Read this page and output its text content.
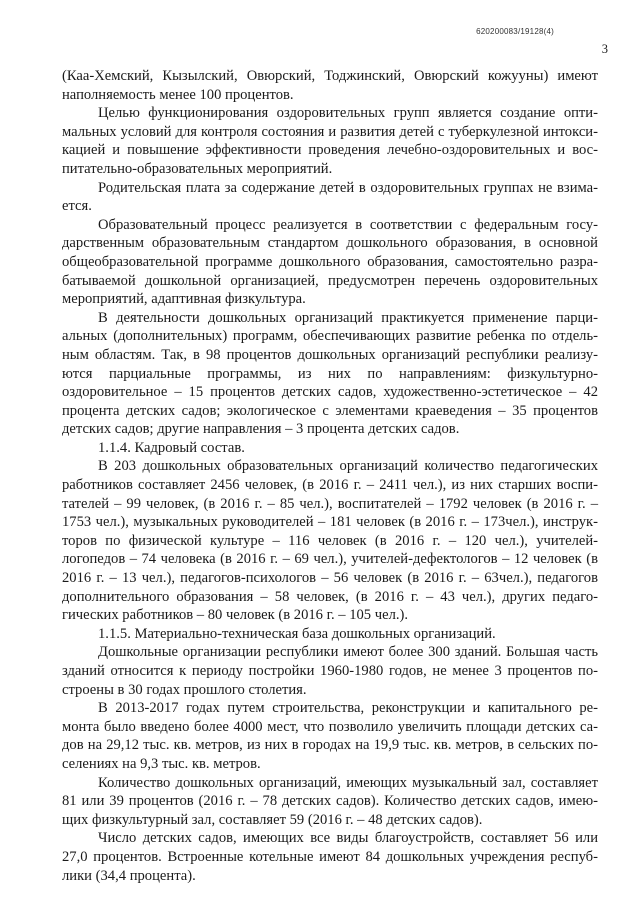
620200083/19128(4)
3

(Каа-Хемский, Кызылский, Овюрский, Тоджинский, Овюрский кожууны) имеют наполняемость менее 100 процентов.

Целью функционирования оздоровительных групп является создание оптимальных условий для контроля состояния и развития детей с туберкулезной интоксикацией и повышение эффективности проведения лечебно-оздоровительных и воспитательно-образовательных мероприятий.

Родительская плата за содержание детей в оздоровительных группах не взимается.

Образовательный процесс реализуется в соответствии с федеральным государственным образовательным стандартом дошкольного образования, в основной общеобразовательной программе дошкольного образования, самостоятельно разрабатываемой дошкольной организацией, предусмотрен перечень оздоровительных мероприятий, адаптивная физкультура.

В деятельности дошкольных организаций практикуется применение парциальных (дополнительных) программ, обеспечивающих развитие ребенка по отдельным областям. Так, в 98 процентов дошкольных организаций республики реализуются парциальные программы, из них по направлениям: физкультурно-оздоровительное – 15 процентов детских садов, художественно-эстетическое – 42 процента детских садов; экологическое с элементами краеведения – 35 процентов детских садов; другие направления – 3 процента детских садов.

1.1.4. Кадровый состав.

В 203 дошкольных образовательных организаций количество педагогических работников составляет 2456 человек, (в 2016 г. – 2411 чел.), из них старших воспитателей – 99 человек, (в 2016 г. – 85 чел.), воспитателей – 1792 человек (в 2016 г. – 1753 чел.), музыкальных руководителей – 181 человек (в 2016 г. – 173чел.), инструкторов по физической культуре – 116 человек (в 2016 г. – 120 чел.), учителей-логопедов – 74 человека (в 2016 г. – 69 чел.), учителей-дефектологов – 12 человек (в 2016 г. – 13 чел.), педагогов-психологов – 56 человек (в 2016 г. – 63чел.), педагогов дополнительного образования – 58 человек, (в 2016 г. – 43 чел.), других педагогических работников – 80 человек (в 2016 г. – 105 чел.).

1.1.5. Материально-техническая база дошкольных организаций.

Дошкольные организации республики имеют более 300 зданий. Большая часть зданий относится к периоду постройки 1960-1980 годов, не менее 3 процентов построены в 30 годах прошлого столетия.

В 2013-2017 годах путем строительства, реконструкции и капитального ремонта было введено более 4000 мест, что позволило увеличить площади детских садов на 29,12 тыс. кв. метров, из них в городах на 19,9 тыс. кв. метров, в сельских поселениях на 9,3 тыс. кв. метров.

Количество дошкольных организаций, имеющих музыкальный зал, составляет 81 или 39 процентов (2016 г. – 78 детских садов). Количество детских садов, имеющих физкультурный зал, составляет 59 (2016 г. – 48 детских садов).

Число детских садов, имеющих все виды благоустройств, составляет 56 или 27,0 процентов. Встроенные котельные имеют 84 дошкольных учреждения республики (34,4 процента).
